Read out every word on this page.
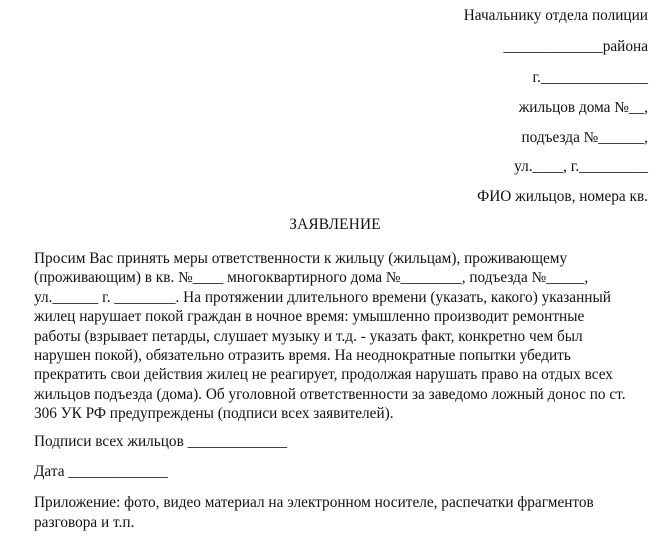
Начальнику отдела полиции
_____________района
г.______________
жильцов дома №__,
подъезда №______,
ул.____, г._________
ФИО жильцов, номера кв.
ЗАЯВЛЕНИЕ
Просим Вас принять меры ответственности к жильцу (жильцам), проживающему
(проживающим) в кв. №____ многоквартирного дома №________, подъезда №_____,
ул.______ г. ________. На протяжении длительного времени (указать, какого) указанный
жилец нарушает покой граждан в ночное время: умышленно производит ремонтные
работы (взрывает петарды, слушает музыку и т.д. - указать факт, конкретно чем был
нарушен покой), обязательно отразить время. На неоднократные попытки убедить
прекратить свои действия жилец не реагирует, продолжая нарушать право на отдых всех
жильцов подъезда (дома). Об уголовной ответственности за заведомо ложный донос по ст.
306 УК РФ предупреждены (подписи всех заявителей).
Подписи всех жильцов _____________
Дата _____________
Приложение: фото, видео материал на электронном носителе, распечатки фрагментов
разговора и т.п.
